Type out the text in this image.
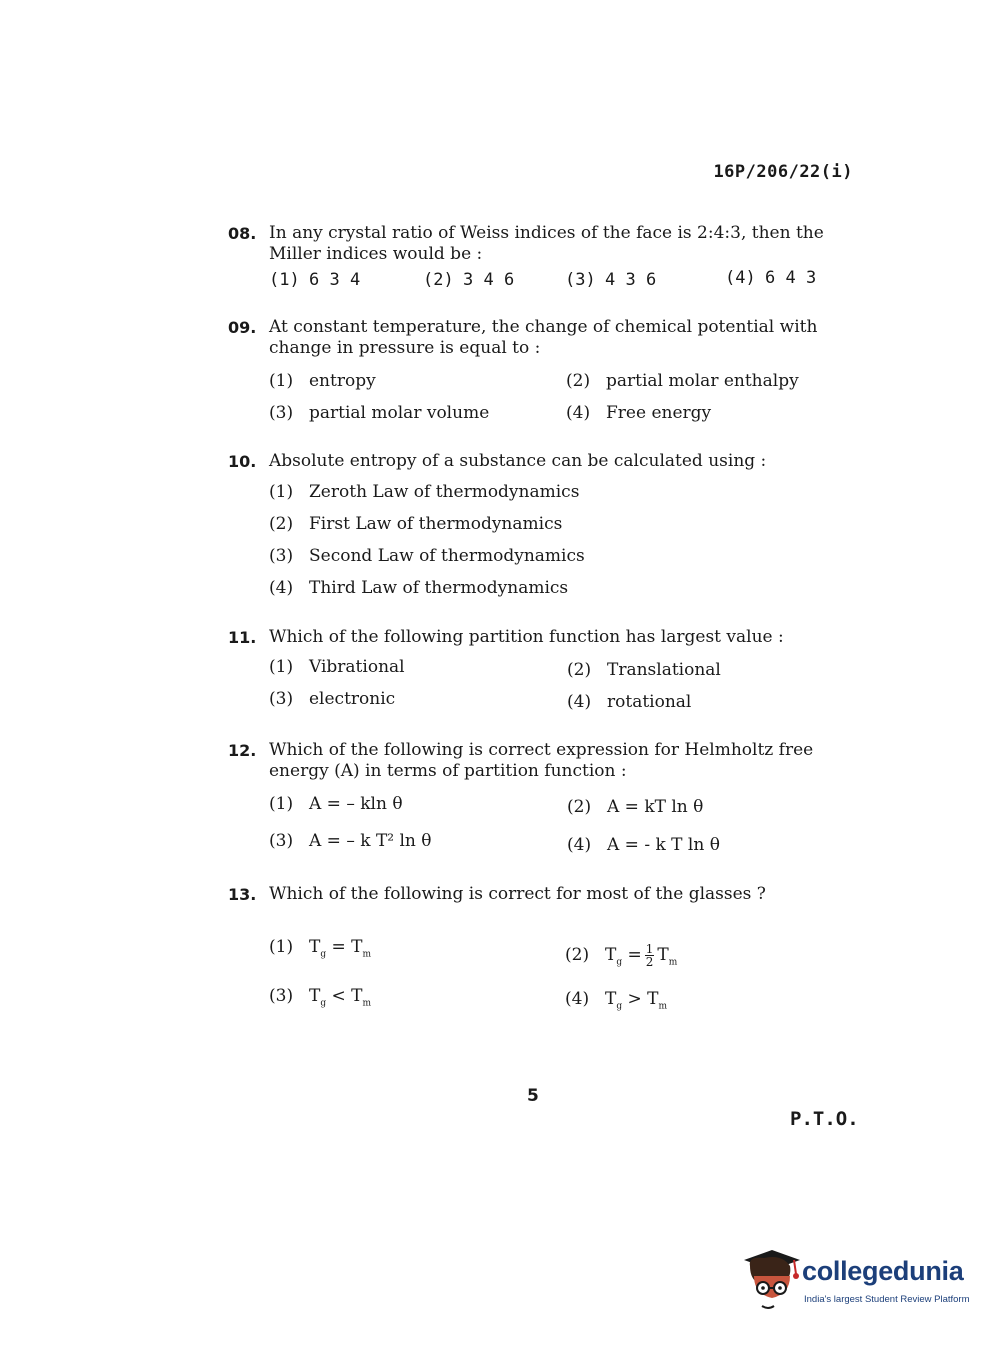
16P/206/22(i)
08. In any crystal ratio of Weiss indices of the face is 2:4:3, then the Miller indices would be :
(1) 6 3 4	(2) 3 4 6	(3) 4 3 6	(4) 6 4 3
09. At constant temperature, the change of chemical potential with change in pressure is equal to :
(1) entropy	(2) partial molar enthalpy
(3) partial molar volume	(4) Free energy
10. Absolute entropy of a substance can be calculated using :
(1) Zeroth Law of thermodynamics
(2) First Law of thermodynamics
(3) Second Law of thermodynamics
(4) Third Law of thermodynamics
11. Which of the following partition function has largest value :
(1) Vibrational	(2) Translational
(3) electronic	(4) rotational
12. Which of the following is correct expression for Helmholtz free energy (A) in terms of partition function :
(1) A = – kln θ	(2) A = kT ln θ
(3) A = – k T² ln θ	(4) A = - k T ln θ
13. Which of the following is correct for most of the glasses ?
(1) $T_g = T_m$	(2) $T_g = \frac{1}{2} T_m$
(3) $T_g < T_m$	(4) $T_g > T_m$
5
P.T.O.
collegedunia
India's largest Student Review Platform
